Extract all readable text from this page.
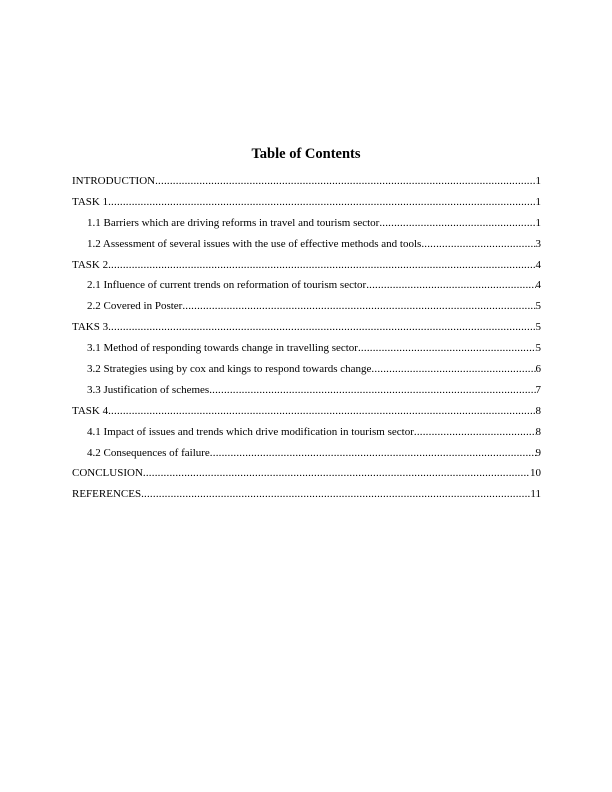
Table of Contents
INTRODUCTION .....	1
TASK 1 .....	1
1.1 Barriers which are driving reforms in travel and tourism sector .....	1
1.2 Assessment of several issues with the use of effective methods and tools .....	3
TASK 2 .....	4
2.1 Influence of current trends on reformation of tourism sector .....	4
2.2 Covered in Poster .....	5
TAKS 3 .....	5
3.1 Method of responding towards change in travelling sector .....	5
3.2 Strategies using by cox and kings to respond towards change .....	6
3.3 Justification of schemes .....	7
TASK 4 .....	8
4.1 Impact of issues and trends which drive modification in tourism sector .....	8
4.2 Consequences of failure .....	9
CONCLUSION .....	10
REFERENCES .....	11
